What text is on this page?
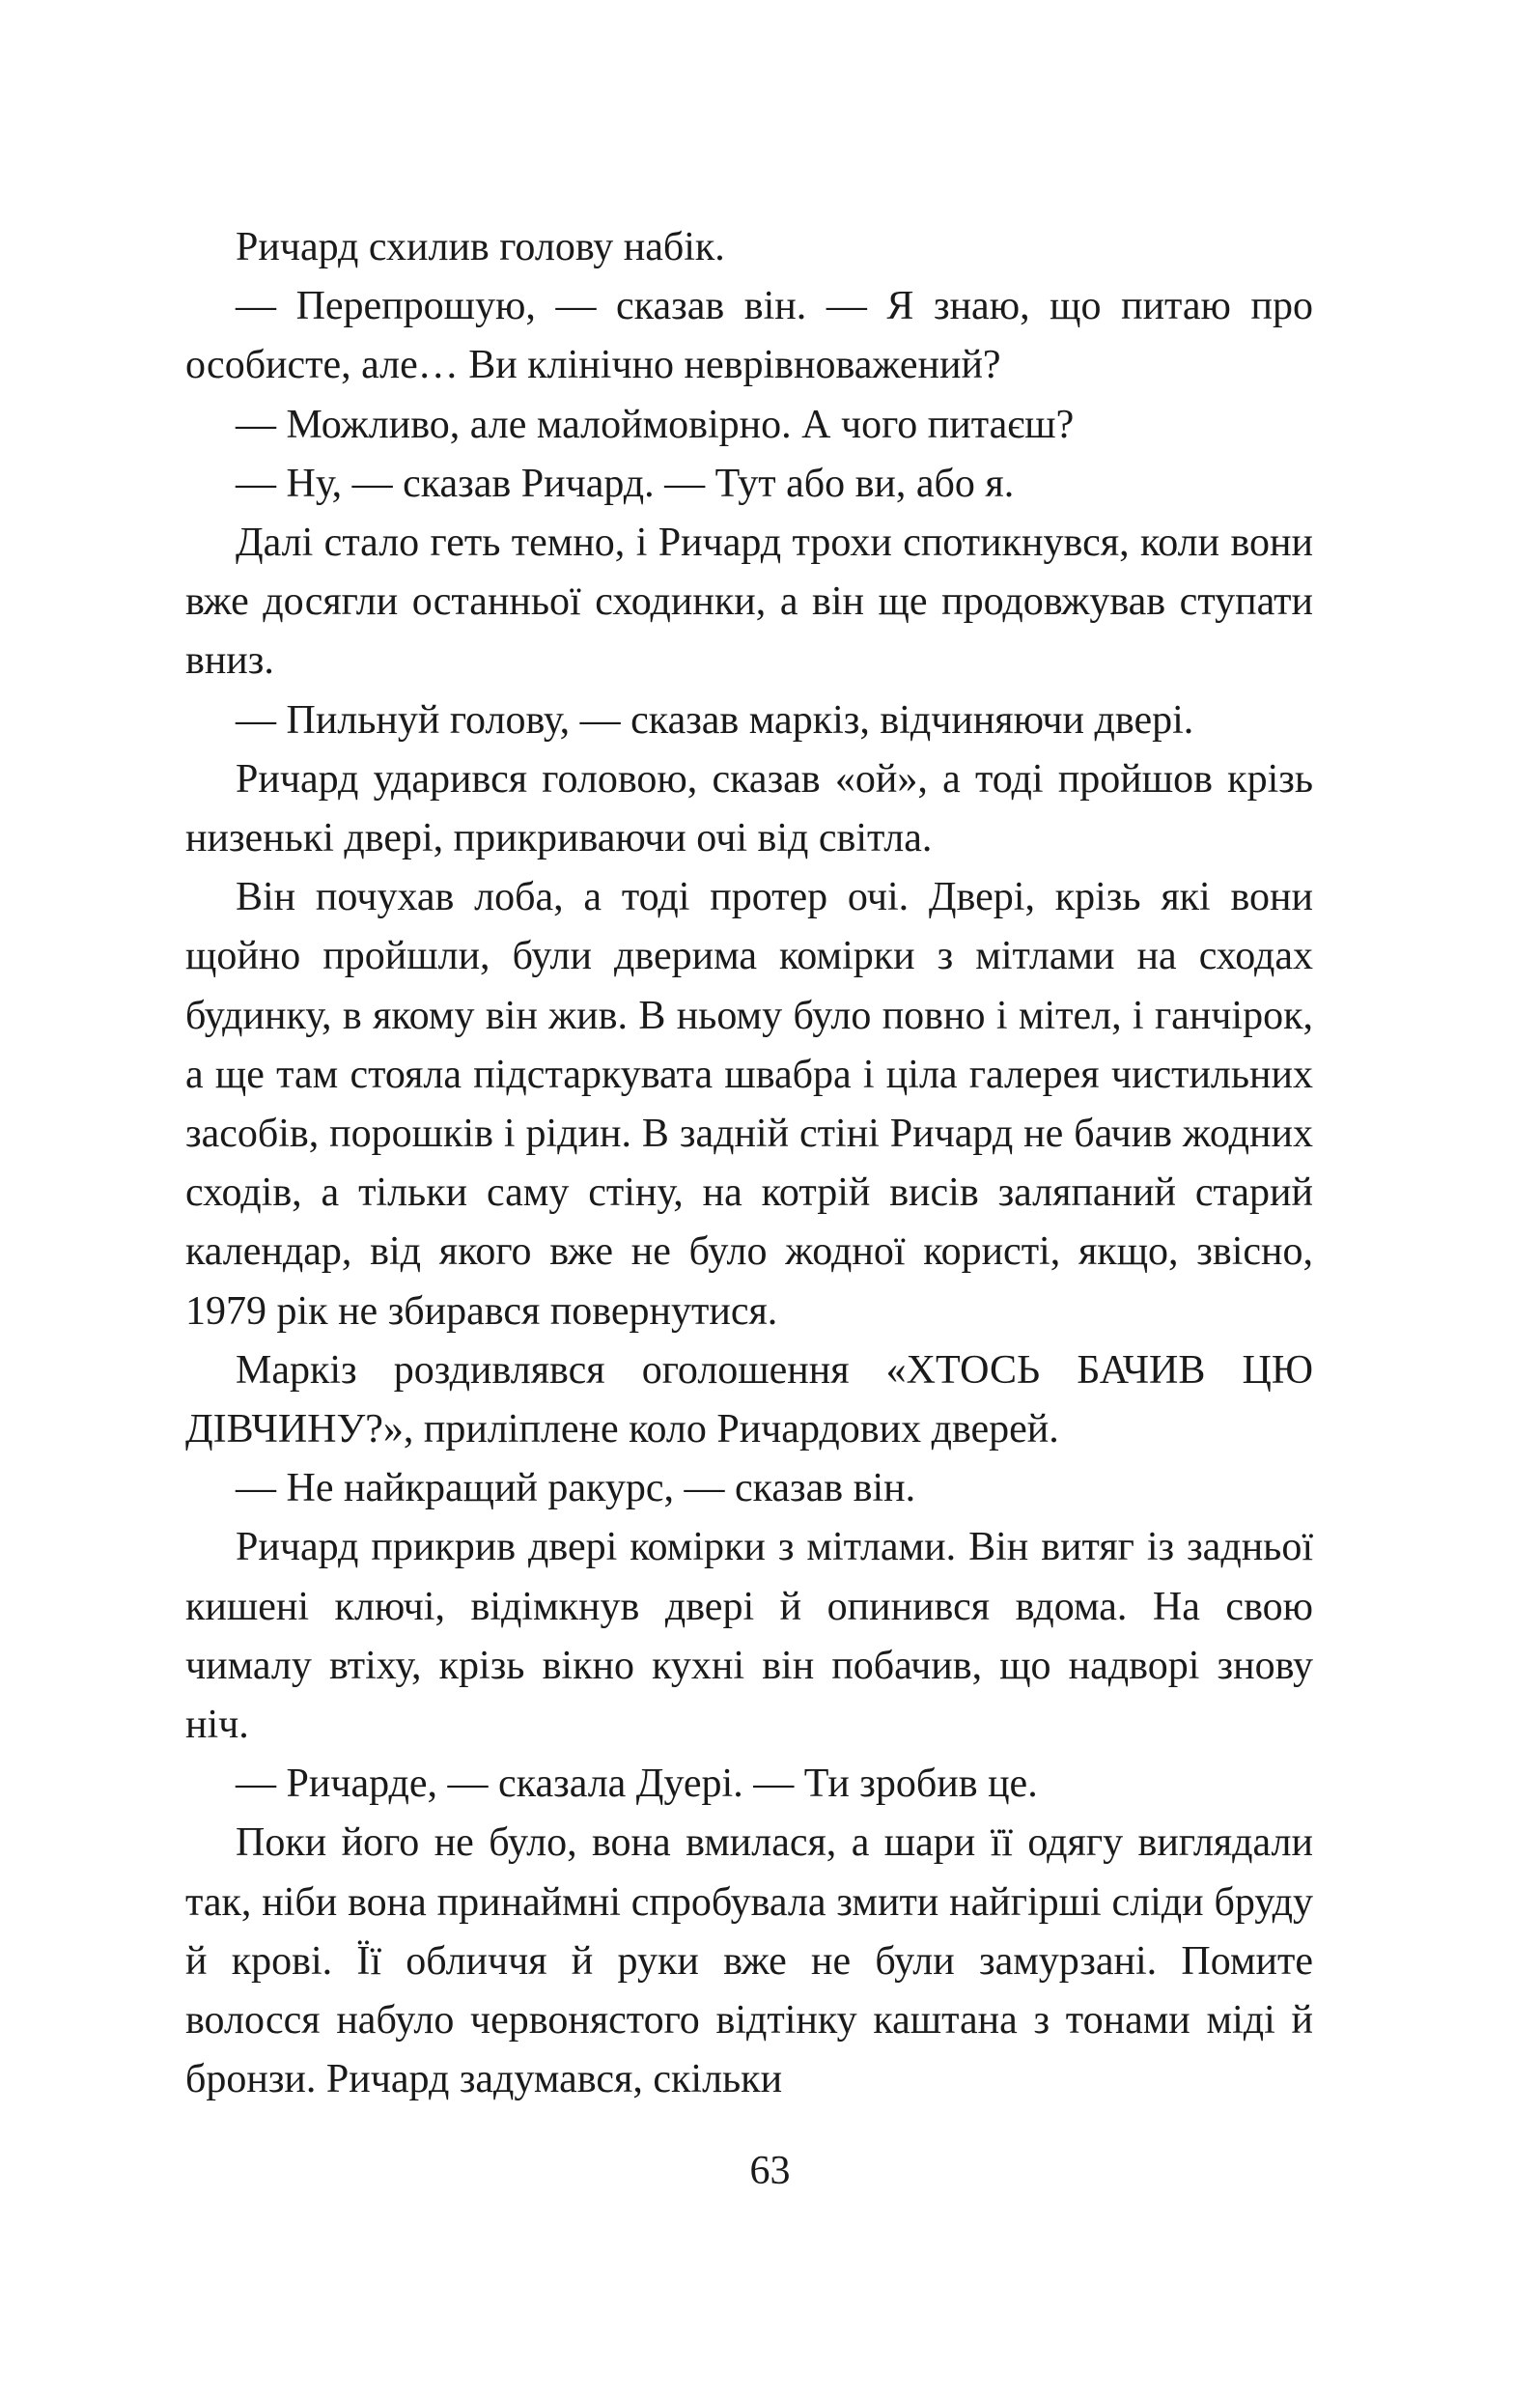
Ричард схилив голову набік.

— Перепрошую, — сказав він. — Я знаю, що питаю про особисте, але… Ви клінічно неврівноважений?

— Можливо, але малоймовірно. А чого питаєш?

— Ну, — сказав Ричард. — Тут або ви, або я.

Далі стало геть темно, і Ричард трохи спотикнувся, коли вони вже досягли останньої сходинки, а він ще продовжував ступати вниз.

— Пильнуй голову, — сказав маркіз, відчиняючи двері.

Ричард ударився головою, сказав «ой», а тоді пройшов крізь низенькі двері, прикриваючи очі від світла.

Він почухав лоба, а тоді протер очі. Двері, крізь які вони щойно пройшли, були дверима комірки з мітлами на сходах будинку, в якому він жив. В ньому було повно і мітел, і ганчірок, а ще там стояла підстаркувата швабра і ціла галерея чистильних засобів, порошків і рідин. В задній стіні Ричард не бачив жодних сходів, а тільки саму стіну, на котрій висів заляпаний старий календар, від якого вже не було жодної користі, якщо, звісно, 1979 рік не збирався повернутися.

Маркіз роздивлявся оголошення «ХТОСЬ БАЧИВ ЦЮ ДІВЧИНУ?», приліплене коло Ричардових дверей.

— Не найкращий ракурс, — сказав він.

Ричард прикрив двері комірки з мітлами. Він витяг із задньої кишені ключі, відімкнув двері й опинився вдома. На свою чималу втіху, крізь вікно кухні він побачив, що надворі знову ніч.

— Ричарде, — сказала Дуері. — Ти зробив це.

Поки його не було, вона вмилася, а шари її одягу виглядали так, ніби вона принаймні спробувала змити найгірші сліди бруду й крові. Її обличчя й руки вже не були замурзані. Помите волосся набуло червонястого відтінку каштана з тонами міді й бронзи. Ричард задумався, скільки

63
